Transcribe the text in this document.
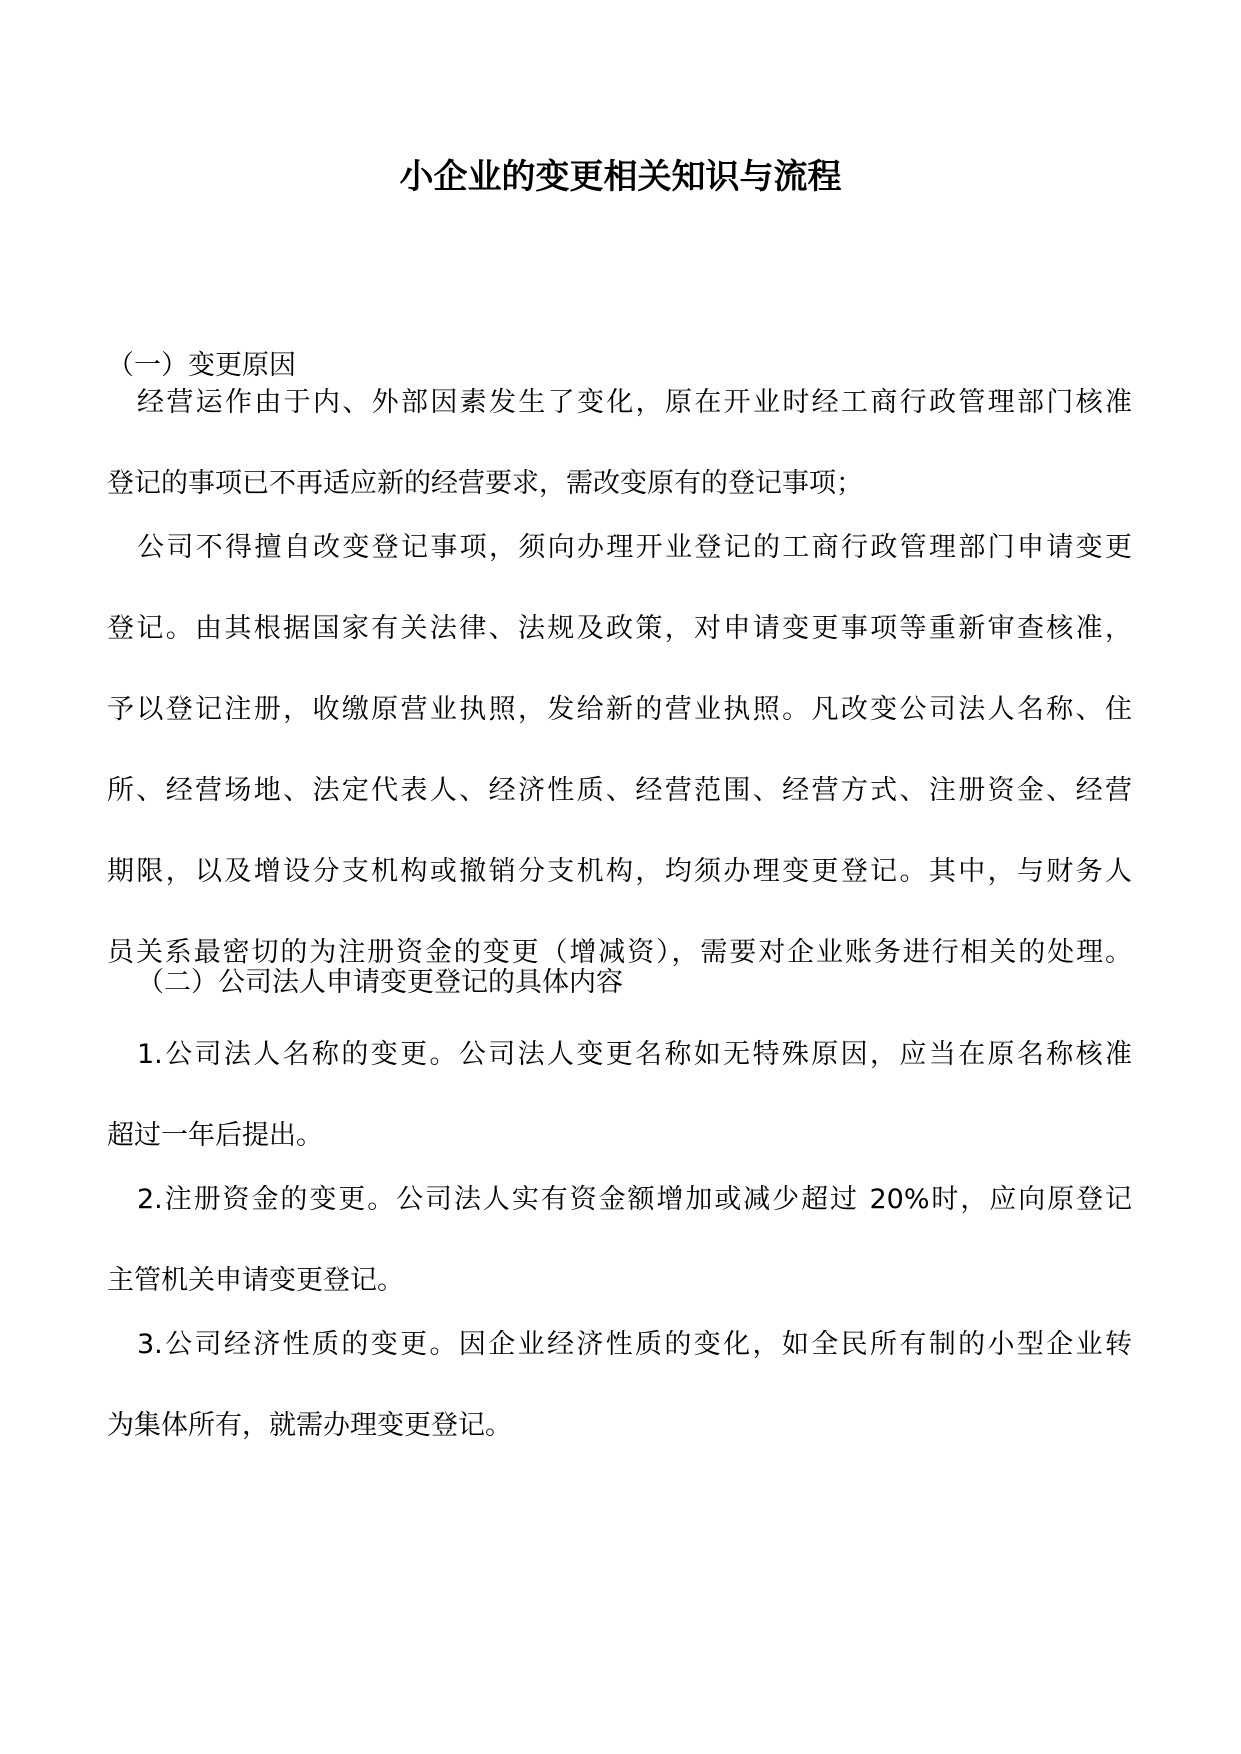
小企业的变更相关知识与流程
（一）变更原因
经营运作由于内、外部因素发生了变化，原在开业时经工商行政管理部门核准
登记的事项已不再适应新的经营要求，需改变原有的登记事项；
公司不得擅自改变登记事项，须向办理开业登记的工商行政管理部门申请变更
登记。由其根据国家有关法律、法规及政策，对申请变更事项等重新审查核准，
予以登记注册，收缴原营业执照，发给新的营业执照。凡改变公司法人名称、住
所、经营场地、法定代表人、经济性质、经营范围、经营方式、注册资金、经营
期限，以及增设分支机构或撤销分支机构，均须办理变更登记。其中，与财务人
员关系最密切的为注册资金的变更（增减资），需要对企业账务进行相关的处理。
（二）公司法人申请变更登记的具体内容
1.公司法人名称的变更。公司法人变更名称如无特殊原因，应当在原名称核准
超过一年后提出。
2.注册资金的变更。公司法人实有资金额增加或减少超过 20%时，应向原登记
主管机关申请变更登记。
3.公司经济性质的变更。因企业经济性质的变化，如全民所有制的小型企业转
为集体所有，就需办理变更登记。
